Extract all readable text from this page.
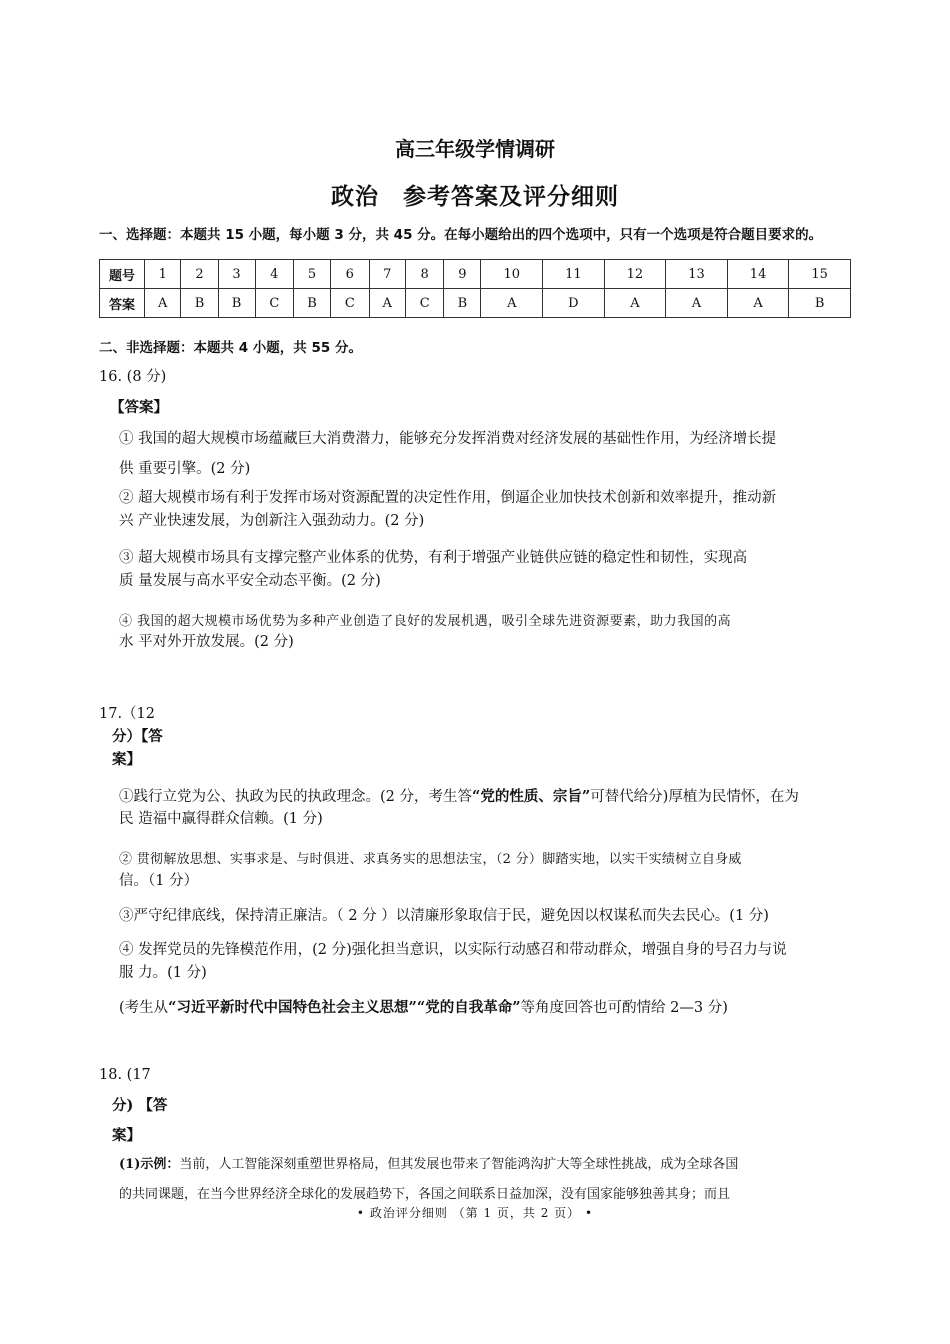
高三年级学情调研
政治　参考答案及评分细则
一、选择题：本题共 15 小题，每小题 3 分，共 45 分。在每小题给出的四个选项中，只有一个选项是符合题目要求的。
题号	1	2	3	4	5	6	7	8	9	10	11	12	13	14	15
答案	A	B	B	C	B	C	A	C	B	A	D	A	A	A	B
二、非选择题：本题共 4 小题，共 55 分。
16. (8 分)
【答案】
① 我国的超大规模市场蕴藏巨大消费潜力，能够充分发挥消费对经济发展的基础性作用，为经济增长提
供 重要引擎。(2 分)
② 超大规模市场有利于发挥市场对资源配置的决定性作用，倒逼企业加快技术创新和效率提升，推动新
兴 产业快速发展，为创新注入强劲动力。(2 分)
③ 超大规模市场具有支撑完整产业体系的优势，有利于增强产业链供应链的稳定性和韧性，实现高
质 量发展与高水平安全动态平衡。(2 分)
④ 我国的超大规模市场优势为多种产业创造了良好的发展机遇，吸引全球先进资源要素，助力我国的高
水 平对外开放发展。(2 分)
17.（12
分）【答
案】
①践行立党为公、执政为民的执政理念。(2 分，考生答“党的性质、宗旨”可替代给分)厚植为民情怀，在为
民 造福中赢得群众信赖。(1 分)
② 贯彻解放思想、实事求是、与时俱进、求真务实的思想法宝，（2 分）脚踏实地，以实干实绩树立自身威
信。（1 分）
③严守纪律底线，保持清正廉洁。（ 2 分 ）以清廉形象取信于民，避免因以权谋私而失去民心。(1 分)
④ 发挥党员的先锋模范作用，(2 分)强化担当意识，以实际行动感召和带动群众，增强自身的号召力与说
服 力。(1 分)
(考生从“习近平新时代中国特色社会主义思想”“党的自我革命”等角度回答也可酌情给 2—3 分)
18. (17
分) 【答
案】
(1)示例：当前，人工智能深刻重塑世界格局，但其发展也带来了智能鸿沟扩大等全球性挑战，成为全球各国
的共同课题，在当今世界经济全球化的发展趋势下，各国之间联系日益加深，没有国家能够独善其身；而且
• 政治评分细则 （第 1 页，共 2 页） •
